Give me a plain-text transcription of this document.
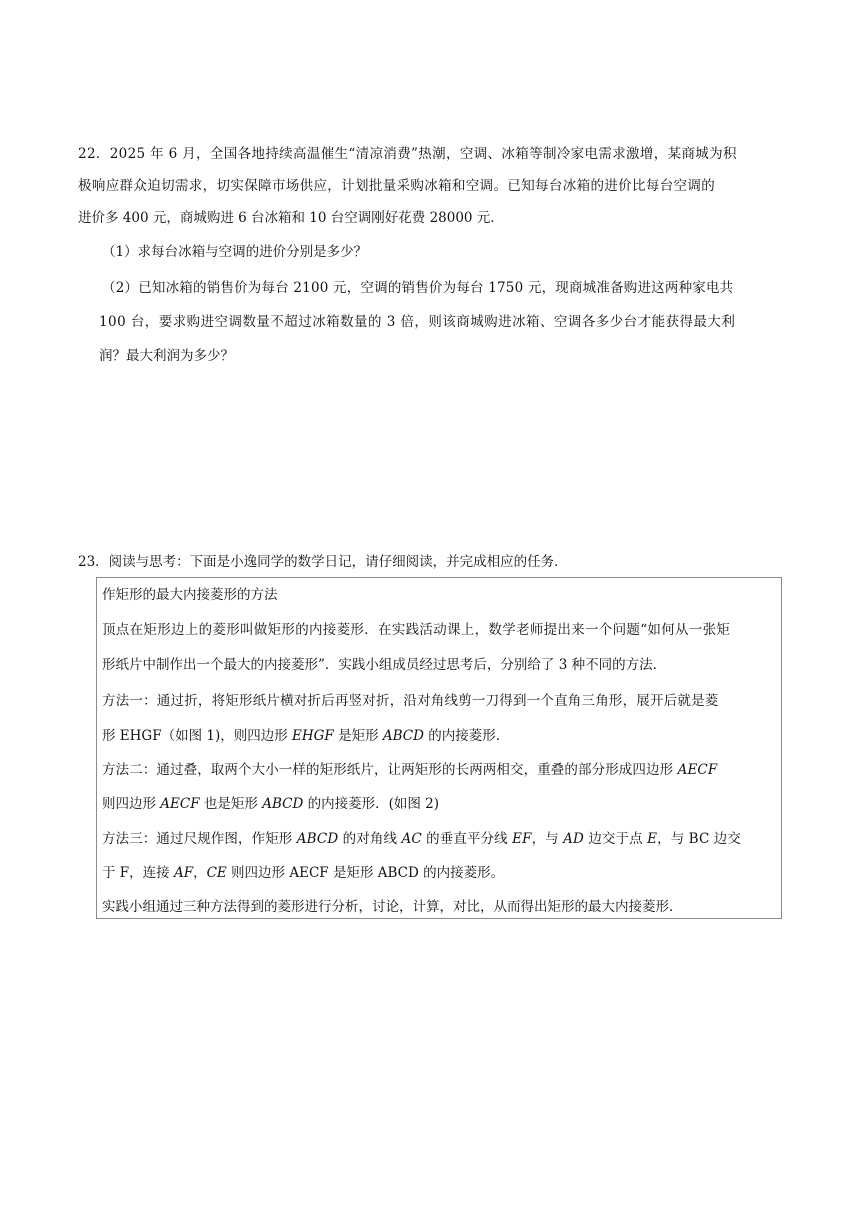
22．2025 年 6 月，全国各地持续高温催生“清凉消费”热潮，空调、冰箱等制冷家电需求激增，某商城为积
极响应群众迫切需求，切实保障市场供应，计划批量采购冰箱和空调。已知每台冰箱的进价比每台空调的
进价多 400 元，商城购进 6 台冰箱和 10 台空调刚好花费 28000 元．
（1）求每台冰箱与空调的进价分别是多少？
（2）已知冰箱的销售价为每台 2100 元，空调的销售价为每台 1750 元，现商城准备购进这两种家电共
100 台，要求购进空调数量不超过冰箱数量的 3 倍，则该商城购进冰箱、空调各多少台才能获得最大利
润？最大利润为多少？
23．阅读与思考：下面是小逸同学的数学日记，请仔细阅读，并完成相应的任务．
作矩形的最大内接菱形的方法
顶点在矩形边上的菱形叫做矩形的内接菱形．在实践活动课上，数学老师提出来一个问题“如何从一张矩
形纸片中制作出一个最大的内接菱形”．实践小组成员经过思考后，分别给了 3 种不同的方法．
方法一：通过折，将矩形纸片横对折后再竖对折，沿对角线剪一刀得到一个直角三角形，展开后就是菱
形 EHGF（如图 1)，则四边形 EHGF 是矩形 ABCD 的内接菱形.
方法二：通过叠，取两个大小一样的矩形纸片，让两矩形的长两两相交，重叠的部分形成四边形 AECF
则四边形 AECF 也是矩形 ABCD 的内接菱形．(如图 2)
方法三：通过尺规作图，作矩形 ABCD 的对角线 AC 的垂直平分线 EF，与 AD 边交于点 E，与 BC 边交
于 F，连接 AF，CE 则四边形 AECF 是矩形 ABCD 的内接菱形。
实践小组通过三种方法得到的菱形进行分析，讨论，计算，对比，从而得出矩形的最大内接菱形．
